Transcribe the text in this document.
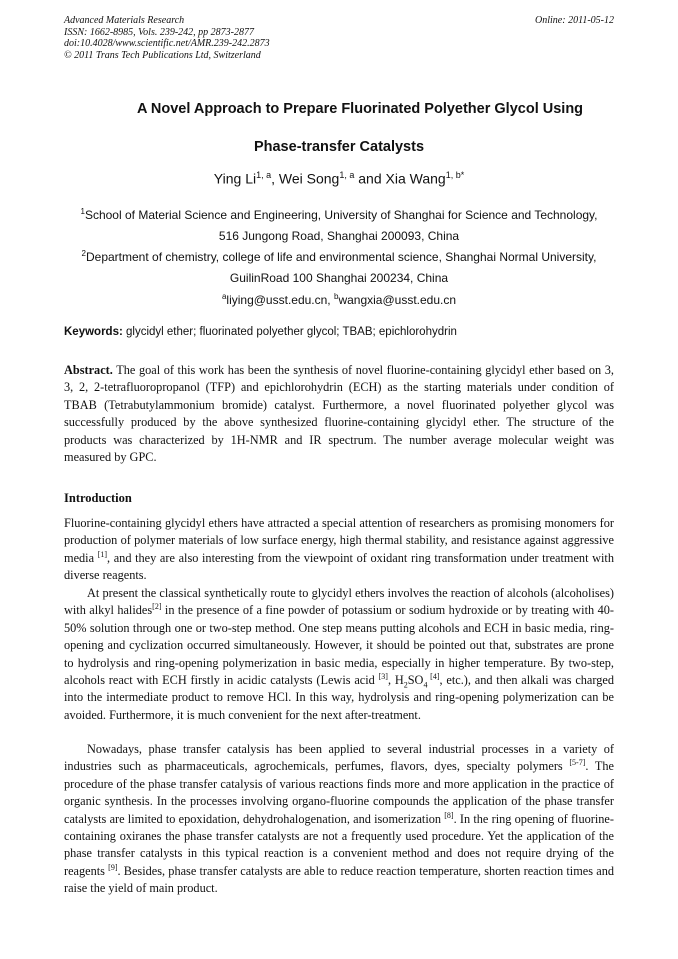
Advanced Materials Research
ISSN: 1662-8985, Vols. 239-242, pp 2873-2877
doi:10.4028/www.scientific.net/AMR.239-242.2873
© 2011 Trans Tech Publications Ltd, Switzerland
Online: 2011-05-12
A Novel Approach to Prepare Fluorinated Polyether Glycol Using
Phase-transfer Catalysts
Ying Li$^{1, a}$, Wei Song$^{1, a}$ and Xia Wang$^{1, b*}$
$^1$School of Material Science and Engineering, University of Shanghai for Science and Technology,
516 Jungong Road, Shanghai 200093, China
$^2$Department of chemistry, college of life and environmental science, Shanghai Normal University,
GuilinRoad 100 Shanghai 200234, China
$^a$liying@usst.edu.cn, $^b$wangxia@usst.edu.cn
Keywords: glycidyl ether; fluorinated polyether glycol; TBAB; epichlorohydrin

Abstract. The goal of this work has been the synthesis of novel fluorine-containing glycidyl ether based on 3, 3, 2, 2-tetrafluoropropanol (TFP) and epichlorohydrin (ECH) as the starting materials under condition of TBAB (Tetrabutylammonium bromide) catalyst. Furthermore, a novel fluorinated polyether glycol was successfully produced by the above synthesized fluorine-containing glycidyl ether. The structure of the products was characterized by 1H-NMR and IR spectrum. The number average molecular weight was measured by GPC.

Introduction

Fluorine-containing glycidyl ethers have attracted a special attention of researchers as promising monomers for production of polymer materials of low surface energy, high thermal stability, and resistance against aggressive media [1], and they are also interesting from the viewpoint of oxidant ring transformation under treatment with diverse reagents.

At present the classical synthetically route to glycidyl ethers involves the reaction of alcohols (alcoholises) with alkyl halides[2] in the presence of a fine powder of potassium or sodium hydroxide or by treating with 40-50% solution through one or two-step method. One step means putting alcohols and ECH in basic media, ring-opening and cyclization occurred simultaneously. However, it should be pointed out that, substrates are prone to hydrolysis and ring-opening polymerization in basic media, especially in higher temperature. By two-step, alcohols react with ECH firstly in acidic catalysts (Lewis acid [3], $H_2SO_4$ [4], etc.), and then alkali was charged into the intermediate product to remove HCl. In this way, hydrolysis and ring-opening polymerization can be avoided. Furthermore, it is much convenient for the next after-treatment.

Nowadays, phase transfer catalysis has been applied to several industrial processes in a variety of industries such as pharmaceuticals, agrochemicals, perfumes, flavors, dyes, specialty polymers [5-7]. The procedure of the phase transfer catalysis of various reactions finds more and more application in the practice of organic synthesis. In the processes involving organo-fluorine compounds the application of the phase transfer catalysts are limited to epoxidation, dehydrohalogenation, and isomerization [8]. In the ring opening of fluorine-containing oxiranes the phase transfer catalysts are not a frequently used procedure. Yet the application of the phase transfer catalysts in this typical reaction is a convenient method and does not require drying of the reagents [9]. Besides, phase transfer catalysts are able to reduce reaction temperature, shorten reaction times and raise the yield of main product.
